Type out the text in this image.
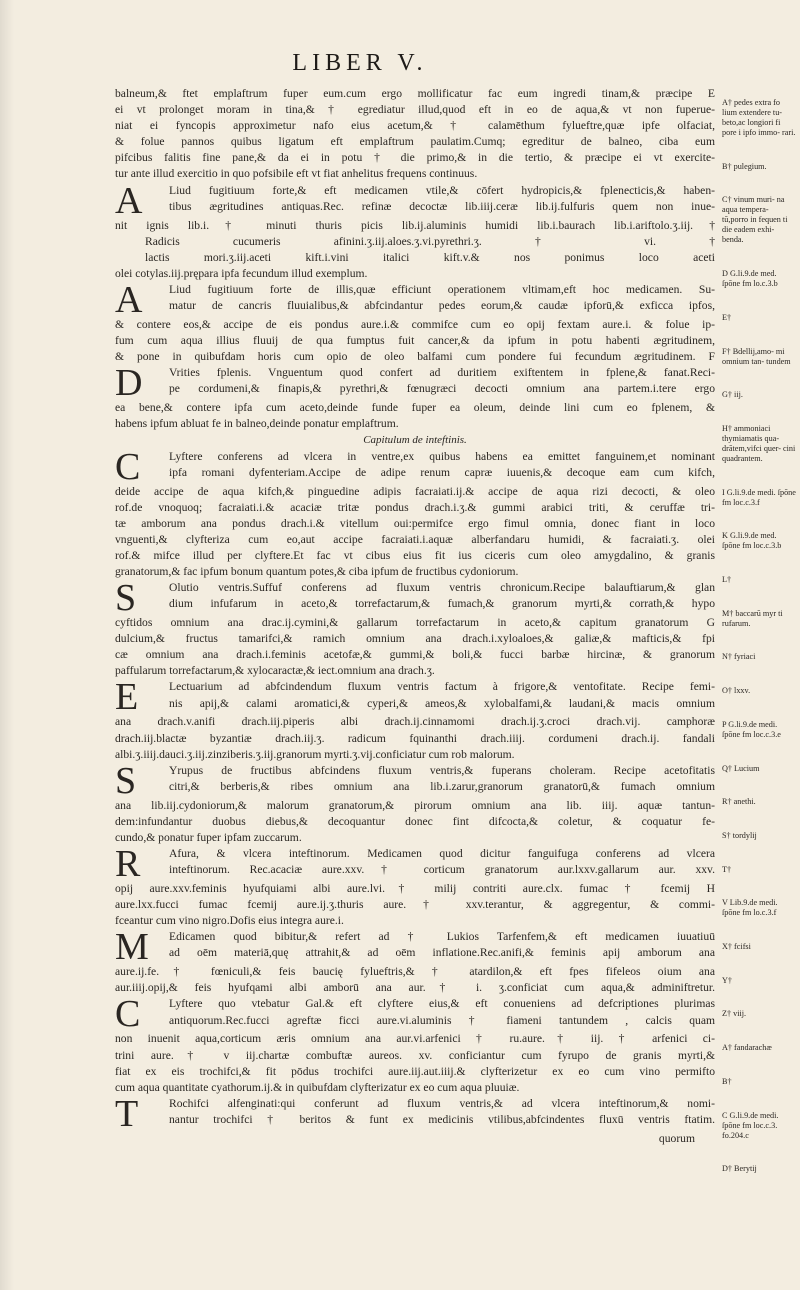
LIBER V.
balneum,& ftet emplaftrum fuper eum.cum ergo mollificatur fac eum ingredi tinam,& præcipe E
ei vt prolonget moram in tina,& † egrediatur illud,quod eft in eo de aqua,& vt non fuperue-
niat ei fyncopis approximetur nafo eius acetum,& † calamēthum fylueftre,quæ ipfe olfaciat,
& folue pannos quibus ligatum eft emplaftrum paulatim.Cumq; egreditur de balneo, ciba eum
pifcibus falitis fine pane,& da ei in potu † die primo,& in die tertio, & præcipe ei vt exercite-
tur ante illud exercitio in quo pofsibile eft vt fiat anhelitus frequens continuus.
A	Liud fugitiuum forte,& eft medicamen vtile,& cōfert hydropicis,& fplenecticis,& haben-
tibus ægritudines antiquas.Rec. refinæ decoctæ lib.iiij.ceræ lib.ij.fulfuris quem non inue-
nit ignis lib.i.† minuti thuris picis lib.ij.aluminis humidi lib.i.baurach lib.i.ariftolo.ʒ.iij.†
Radicis cucumeris afinini.ʒ.iij.aloes.ʒ.vi.pyrethri.ʒ. † vi. †
lactis mori.ʒ.iij.aceti kift.i.vini italici kift.v.& nos ponimus loco aceti
olei cotylas.iij.prępara ipfa fecundum illud exemplum.
A	Liud fugitiuum forte de illis,quæ efficiunt operationem vltimam,eft hoc medicamen. Su-
matur de cancris fluuialibus,& abfcindantur pedes eorum,& caudæ ipforū,& exficca ipfos,
& contere eos,& accipe de eis pondus aure.i.& commifce cum eo opij fextam aure.i. & folue ip-
fum cum aqua illius fluuij de qua fumptus fuit cancer,& da ipfum in potu habenti ægritudinem,
& pone in quibufdam horis cum opio de oleo balfami cum pondere fui fecundum ægritudinem. F
D	Vrities fplenis. Vnguentum quod confert ad duritiem exiftentem in fplene,& fanat.Reci-
pe cordumeni,& finapis,& pyrethri,& fœnugræci decocti omnium ana partem.i.tere ergo
ea bene,& contere ipfa cum aceto,deinde funde fuper ea oleum, deinde lini cum eo fplenem, &
habens ipfum abluat fe in balneo,deinde ponatur emplaftrum.
Capitulum de inteftinis.
C	Lyftere conferens ad vlcera in ventre,ex quibus habens ea emittet fanguinem,et nominant
ipfa romani dyfenteriam.Accipe de adipe renum capræ iuuenis,& decoque eam cum kifch,
deide accipe de aqua kifch,& pinguedine adipis facraiati.ij.& accipe de aqua rizi decocti, & oleo
rof.de vnoquoq; facraiati.i.& acaciæ tritæ pondus drach.i.ʒ.& gummi arabici triti, & ceruffæ tri-
tæ amborum ana pondus drach.i.& vitellum oui:permifce ergo fimul omnia, donec fiant in loco
vnguenti,& clyfteriza cum eo,aut accipe facraiati.i.aquæ alberfandaru humidi, & facraiati.ʒ. olei
rof.& mifce illud per clyftere.Et fac vt cibus eius fit ius ciceris cum oleo amygdalino, & granis
granatorum,& fac ipfum bonum quantum potes,& ciba ipfum de fructibus cydoniorum.
S	Olutio ventris.Suffuf conferens ad fluxum ventris chronicum.Recipe balauftiarum,& glan
dium infufarum in aceto,& torrefactarum,& fumach,& granorum myrti,& corrath,& hypo
cyftidos omnium ana drac.ij.cymini,& gallarum torrefactarum in aceto,& capitum granatorum G
dulcium,& fructus tamarifci,& ramich omnium ana drach.i.xyloaloes,& galiæ,& mafticis,& fpi
cæ omnium ana drach.i.feminis acetofæ,& gummi,& boli,& fucci barbæ hircinæ, & granorum
paffularum torrefactarum,& xylocaractæ,& iect.omnium ana drach.ʒ.
E	Lectuarium ad abfcindendum fluxum ventris factum à frigore,& ventofitate. Recipe femi-
nis apij,& calami aromatici,& cyperi,& ameos,& xylobalfami,& laudani,& macis omnium
ana drach.v.anifi drach.iij.piperis albi drach.ij.cinnamomi drach.ij.ʒ.croci drach.vij. camphoræ
drach.iij.blactæ byzantiæ drach.iij.ʒ. radicum fquinanthi drach.iiij. cordumeni drach.ij. fandali
albi.ʒ.iiij.dauci.ʒ.iij.zinziberis.ʒ.iij.granorum myrti.ʒ.vij.conficiatur cum rob malorum.
S	Yrupus de fructibus abfcindens fluxum ventris,& fuperans choleram. Recipe acetofitatis
citri,& berberis,& ribes omnium ana lib.i.zarur,granorum granatorū,& fumach omnium
ana lib.iij.cydoniorum,& malorum granatorum,& pirorum omnium ana lib. iiij. aquæ tantun-
dem:infundantur duobus diebus,& decoquantur donec fint difcocta,& coletur, & coquatur fe-
cundo,& ponatur fuper ipfam zuccarum.
R	Afura, & vlcera inteftinorum. Medicamen quod dicitur fanguifuga conferens ad vlcera
inteftinorum. Rec.acaciæ aure.xxv.† corticum granatorum aur.lxxv.gallarum aur. xxv.
opij aure.xxv.feminis hyufquiami albi aure.lvi.† milij contriti aure.clx. fumac † fcemij H
aure.lxx.fucci fumac fcemij aure.ij.ʒ.thuris aure.† xxv.terantur, & aggregentur, & commi-
fceantur cum vino nigro.Dofis eius integra aure.i.
M	Edicamen quod bibitur,& refert ad † Lukios Tarfenfem,& eft medicamen iuuatiuū
ad oēm materiā,quę attrahit,& ad oēm inflatione.Rec.anifi,& feminis apij amborum ana
aure.ij.fe.† fœniculi,& feis baucię fylueftris,& † atardilon,& eft fpes fifeleos oium ana
aur.iiij.opij,& feis hyufqami albi amborū ana aur.† i. ʒ.conficiat cum aqua,& adminiftretur.
C	Lyftere quo vtebatur Gal.& eft clyftere eius,& eft conueniens ad defcriptiones plurimas
antiquorum.Rec.fucci agreftæ ficci aure.vi.aluminis † fiameni tantundem , calcis quam
non inuenit aqua,corticum æris omnium ana aur.vi.arfenici † ru.aure.† iij. † arfenici ci-
trini aure.† v iij.chartæ combuftæ aureos. xv. conficiantur cum fyrupo de granis myrti,&
fiat ex eis trochifci,& fit pōdus trochifci aure.iij.aut.iiij.& clyfterizetur ex eo cum vino permifto
cum aqua quantitate cyathorum.ij.& in quibufdam clyfterizatur ex eo cum aqua pluuiæ.
T	Rochifci alfenginati:qui conferunt ad fluxum ventris,& ad vlcera inteftinorum,& nomi-
nantur trochifci † beritos & funt ex medicinis vtilibus,abfcindentes fluxū ventris ftatim.
quorum

A† pedes extra fo lium extendere tu- beto,ac longiori fi pore i ipfo immo- rari.

B† pulegium.

C† vinum muri- na aqua tempera- tū,porro in fequen ti die eadem exhi- benda.

D G.li.9.de med. ſpōne fm lo.c.3.b

E†

F† Bdellij,amo- mi omnium tan- tundem

G† iij.

H† ammoniaci thymiamatis qua- drātem,vifci quer- cini quadrantem.

I G.li.9.de medi. ſpōne fm loc.c.3.f

K G.li.9.de med. ſpōne fm loc.c.3.b

L†

M† baccarū myr ti rufarum.

N† fyriaci

O† lxxv.

P G.li.9.de medi. ſpōne fm loc.c.3.e

Q† Lucium

R† anethi.

S† tordylij

T†

V Lib.9.de medi. ſpōne fm lo.c.3.f

X† fcifsi

Y†

Z† viij.

A† fandarachæ

B†

C G.li.9.de medi. ſpōne fm loc.c.3. fo.204.c

D† Berytij
